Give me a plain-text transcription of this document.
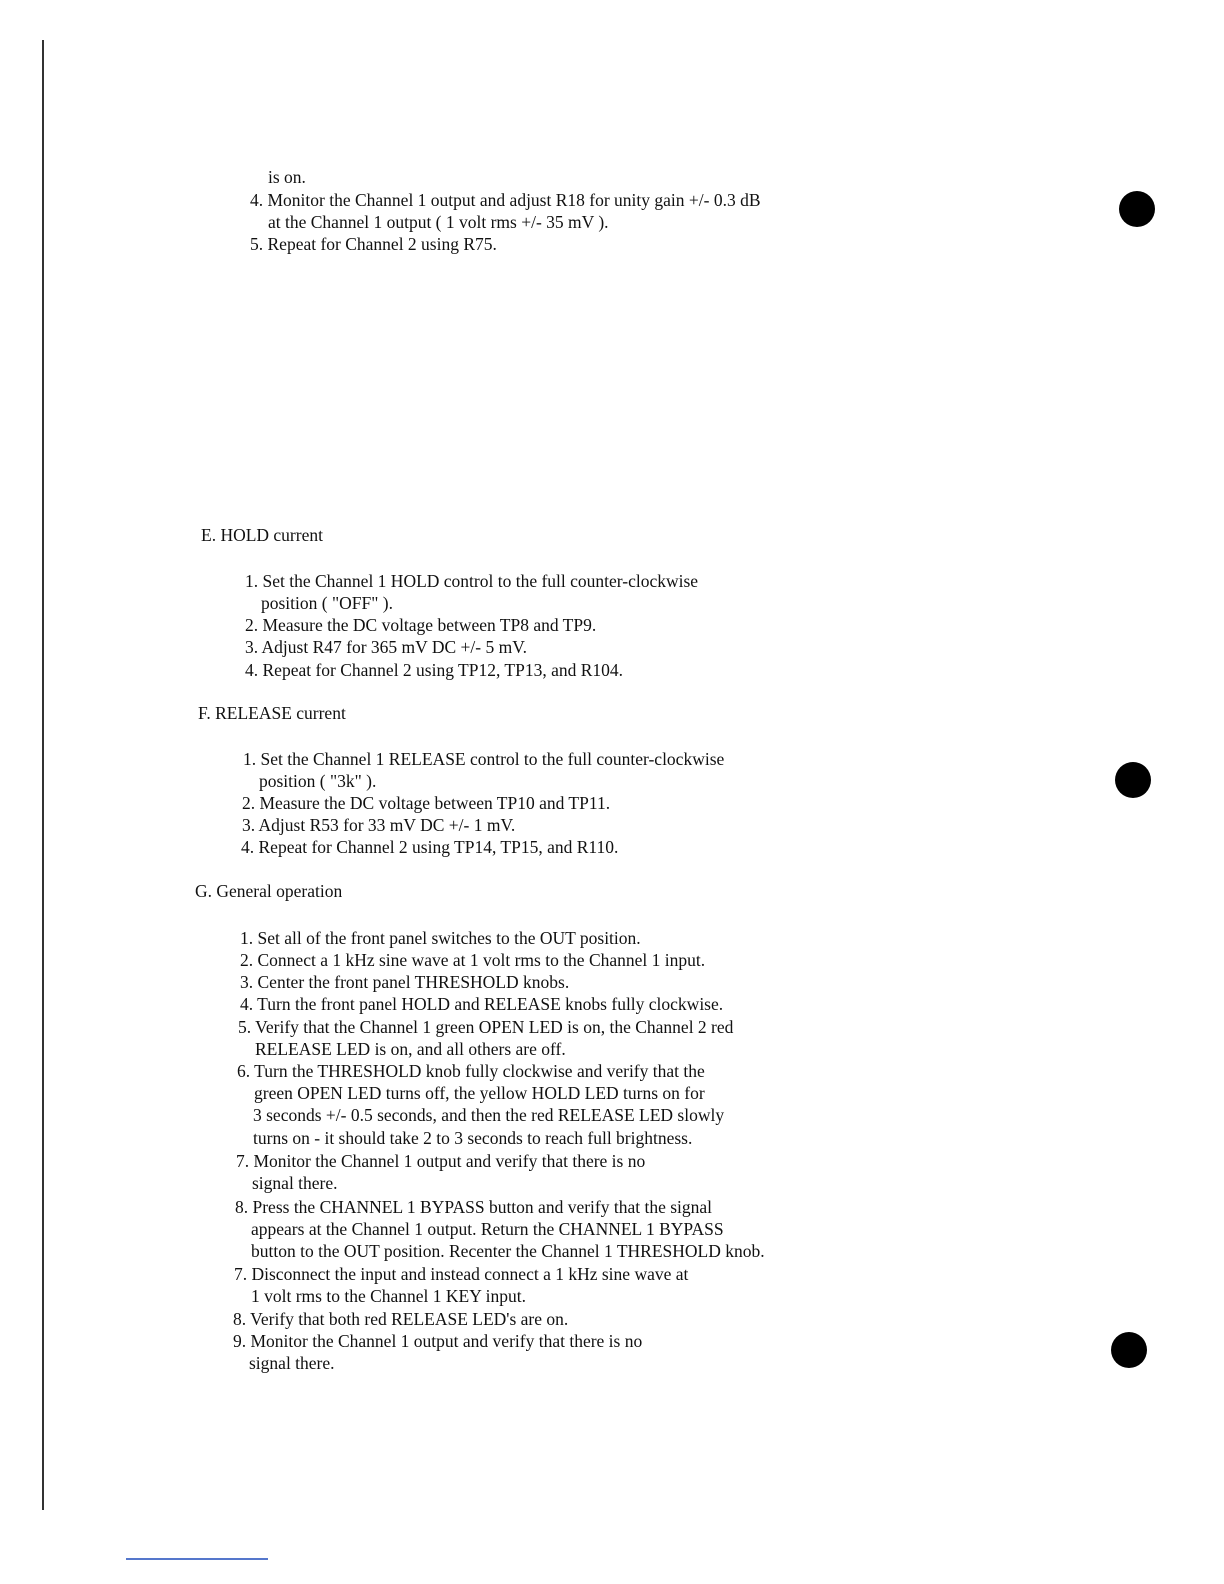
is on.
4. Monitor the Channel 1 output and adjust R18 for unity gain +/- 0.3 dB
at the Channel 1 output ( 1 volt rms +/- 35 mV ).
5. Repeat for Channel 2 using R75.
E. HOLD current
1. Set the Channel 1 HOLD control to the full counter-clockwise
position ( "OFF" ).
2. Measure the DC voltage between TP8 and TP9.
3. Adjust R47 for 365 mV DC +/- 5 mV.
4. Repeat for Channel 2 using TP12, TP13, and R104.
F. RELEASE current
1. Set the Channel 1 RELEASE control to the full counter-clockwise
position ( "3k" ).
2. Measure the DC voltage between TP10 and TP11.
3. Adjust R53 for 33 mV DC +/- 1 mV.
4. Repeat for Channel 2 using TP14, TP15, and R110.
G. General operation
1. Set all of the front panel switches to the OUT position.
2. Connect a 1 kHz sine wave at 1 volt rms to the Channel 1 input.
3. Center the front panel THRESHOLD knobs.
4. Turn the front panel HOLD and RELEASE knobs fully clockwise.
5. Verify that the Channel 1 green OPEN LED is on, the Channel 2 red
RELEASE LED is on, and all others are off.
6. Turn the THRESHOLD knob fully clockwise and verify that the
green OPEN LED turns off, the yellow HOLD LED turns on for
3 seconds +/- 0.5 seconds, and then the red RELEASE LED slowly
turns on - it should take 2 to 3 seconds to reach full brightness.
7. Monitor the Channel 1 output and verify that there is no
signal there.
8. Press the CHANNEL 1 BYPASS button and verify that the signal
appears at the Channel 1 output. Return the CHANNEL 1 BYPASS
button to the OUT position. Recenter the Channel 1 THRESHOLD knob.
7. Disconnect the input and instead connect a 1 kHz sine wave at
1 volt rms to the Channel 1 KEY input.
8. Verify that both red RELEASE LED's are on.
9. Monitor the Channel 1 output and verify that there is no
signal there.
